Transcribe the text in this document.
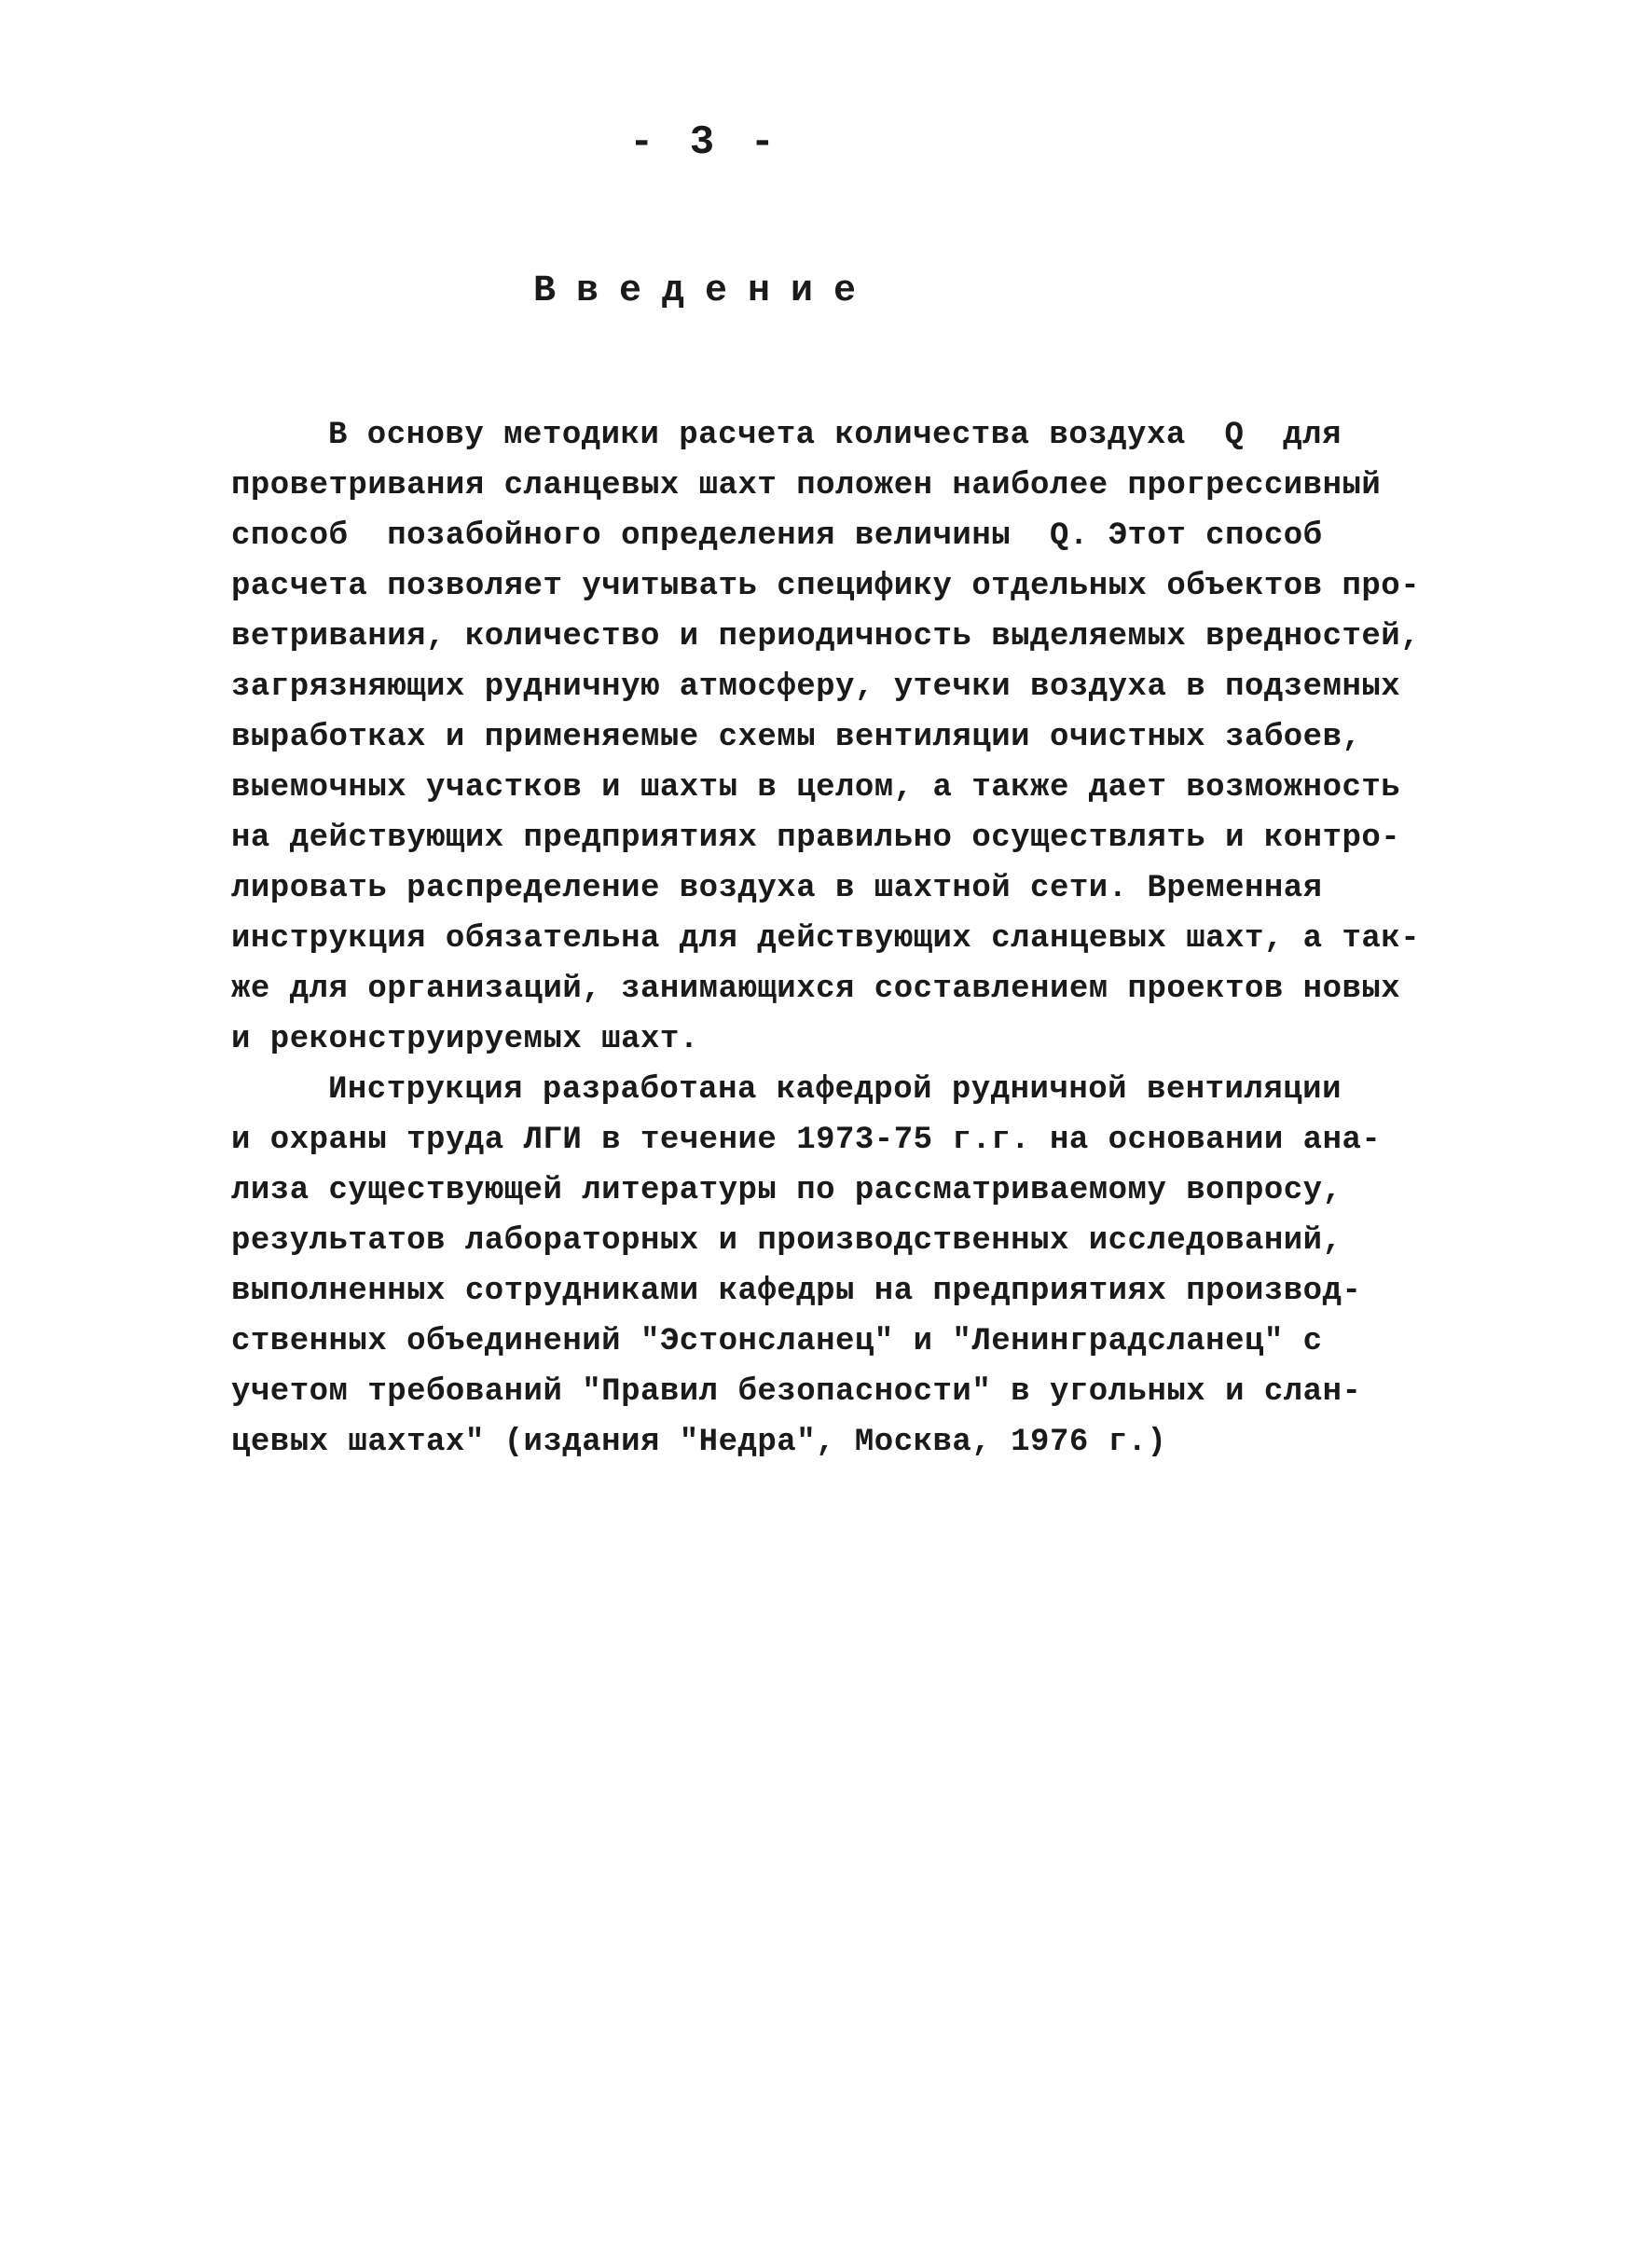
- 3 -
Введение
В основу методики расчета количества воздуха  Q  для
проветривания сланцевых шахт положен наиболее прогрессивный
способ  позабойного определения величины  Q. Этот способ
расчета позволяет учитывать специфику отдельных объектов про-
ветривания, количество и периодичность выделяемых вредностей,
загрязняющих рудничную атмосферу, утечки воздуха в подземных
выработках и применяемые схемы вентиляции очистных забоев,
выемочных участков и шахты в целом, а также дает возможность
на действующих предприятиях правильно осуществлять и контро-
лировать распределение воздуха в шахтной сети. Временная
инструкция обязательна для действующих сланцевых шахт, а так-
же для организаций, занимающихся составлением проектов новых
и реконструируемых шахт.
Инструкция разработана кафедрой рудничной вентиляции
и охраны труда ЛГИ в течение 1973-75 г.г. на основании ана-
лиза существующей литературы по рассматриваемому вопросу,
результатов лабораторных и производственных исследований,
выполненных сотрудниками кафедры на предприятиях производ-
ственных объединений "Эстонсланец" и "Ленинградсланец" с
учетом требований "Правил безопасности" в угольных и слан-
цевых шахтах" (издания "Недра", Москва, 1976 г.)
